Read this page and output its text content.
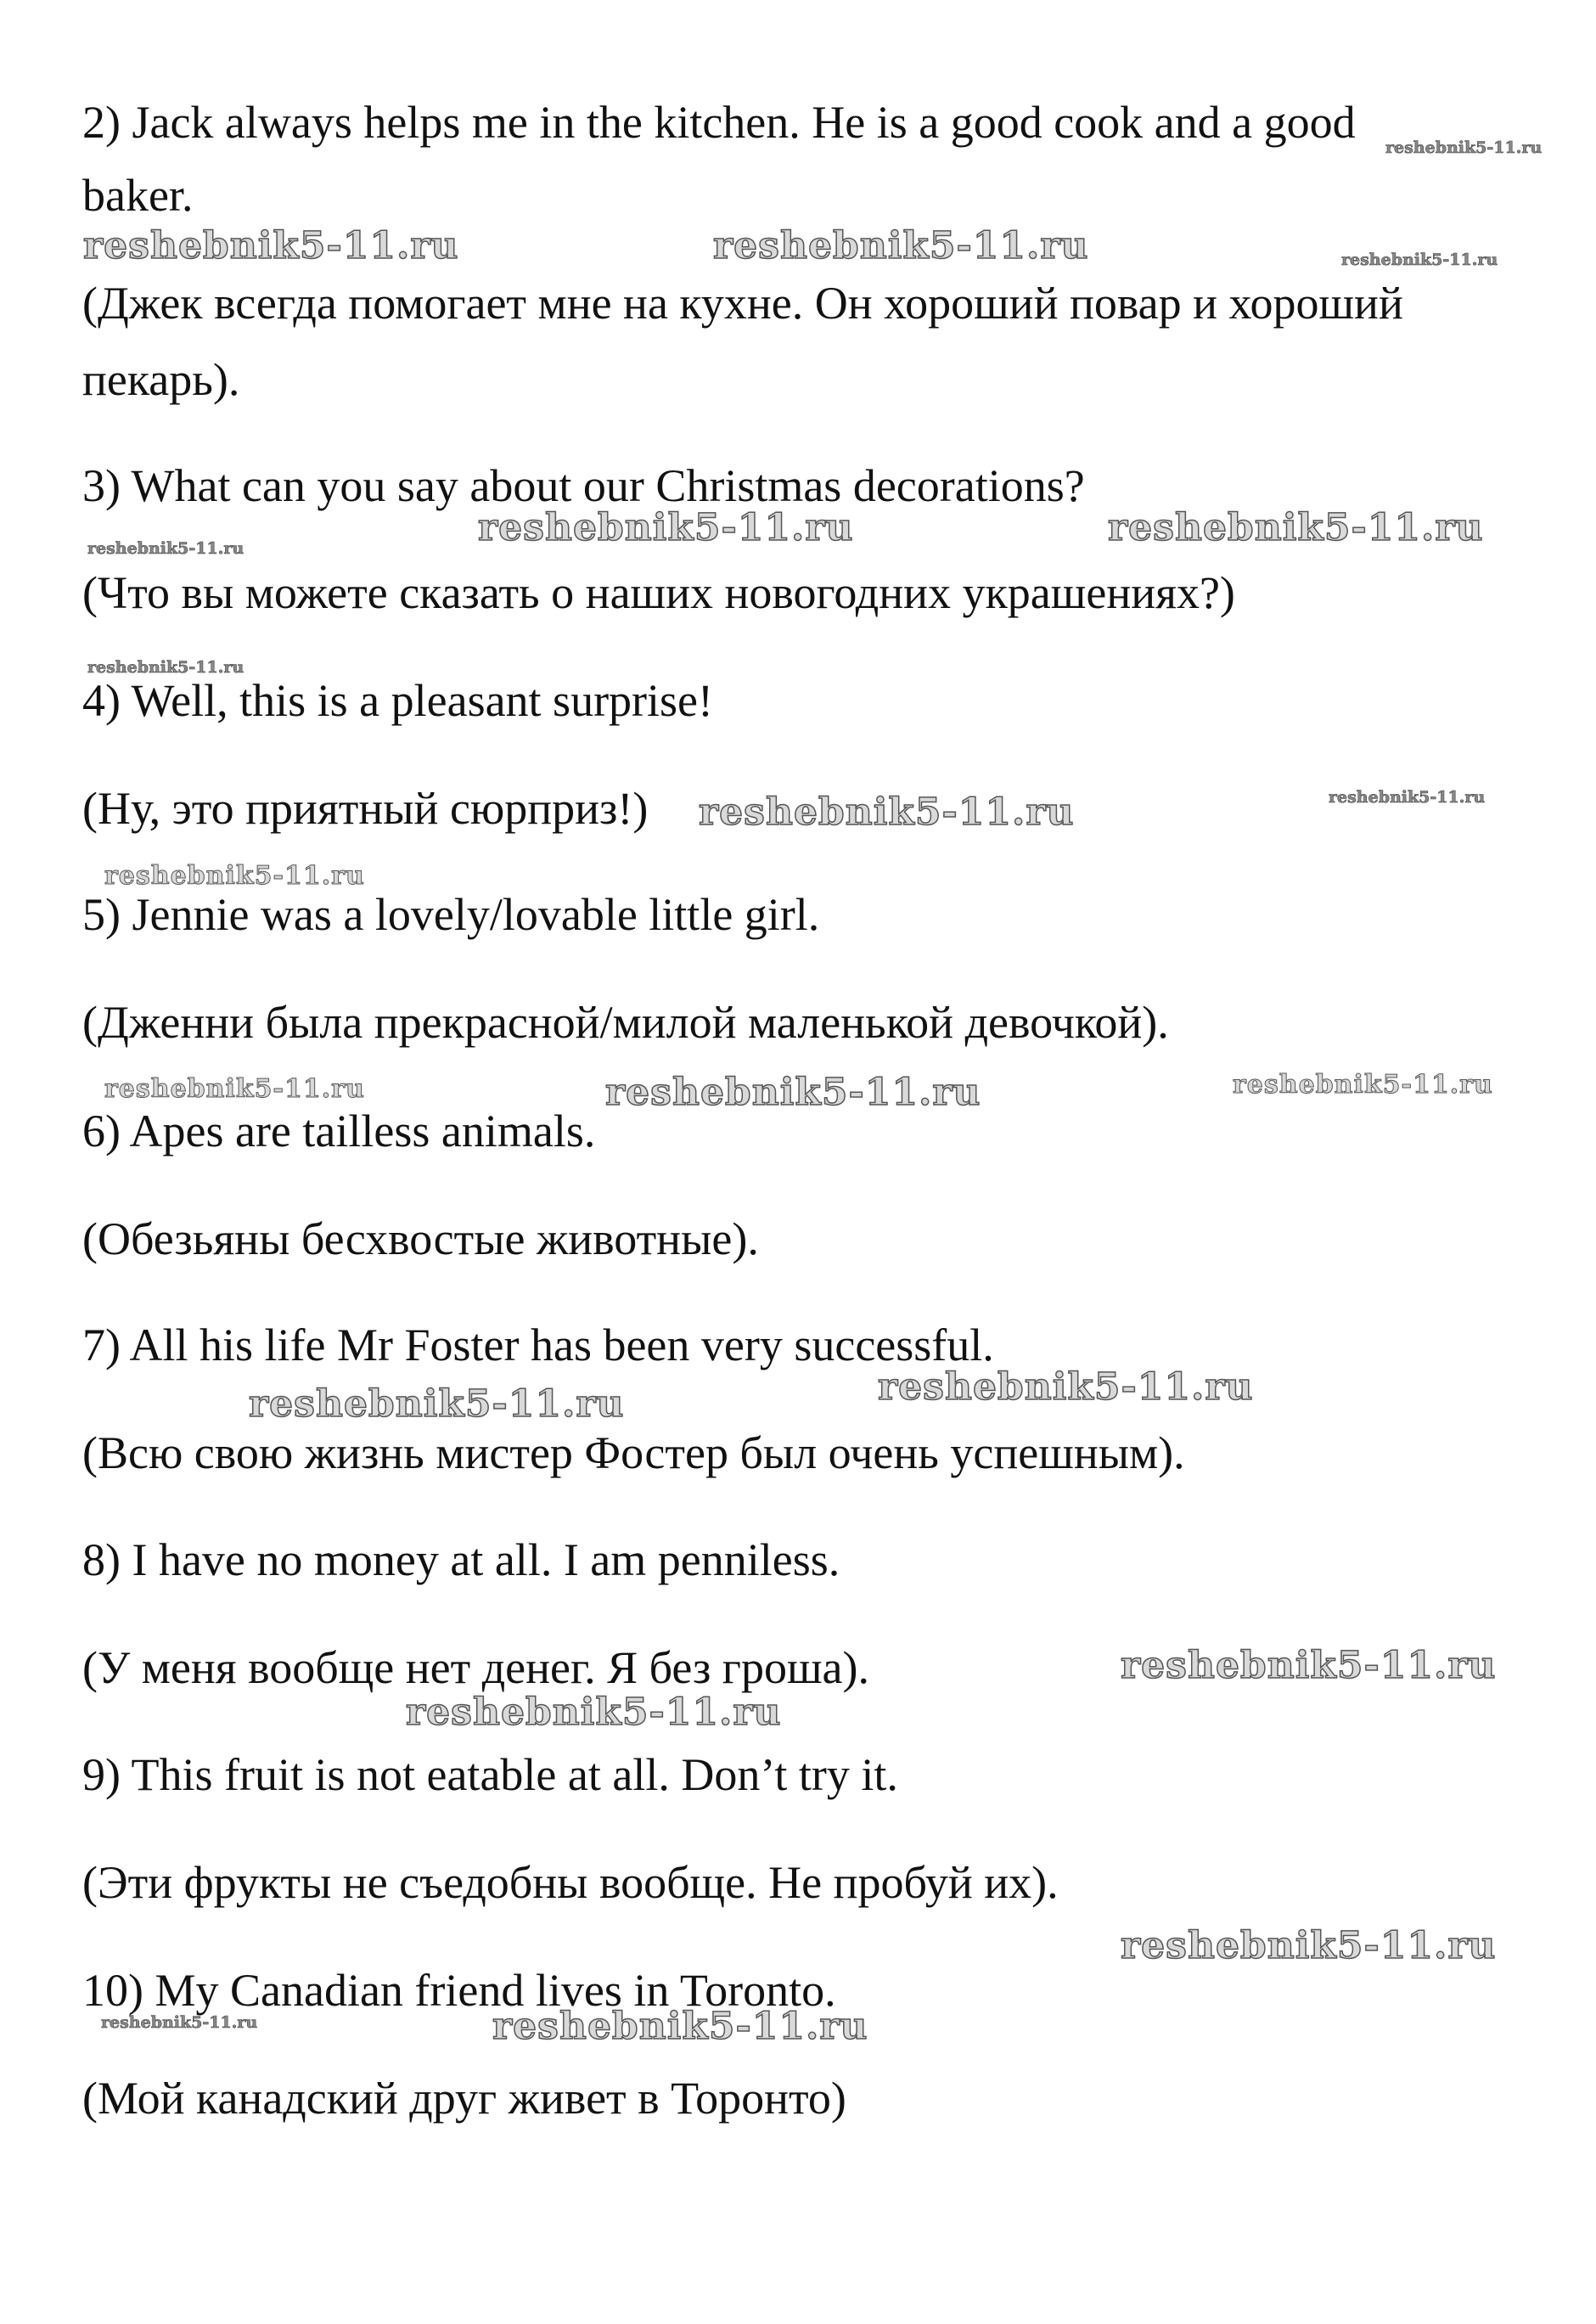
2) Jack always helps me in the kitchen. He is a good cook and a good
baker.
(Джек всегда помогает мне на кухне. Он хороший повар и хороший
пекарь).
3) What can you say about our Christmas decorations?
(Что вы можете сказать о наших новогодних украшениях?)
4) Well, this is a pleasant surprise!
(Ну, это приятный сюрприз!)
5) Jennie was a lovely/lovable little girl.
(Дженни была прекрасной/милой маленькой девочкой).
6) Apes are tailless animals.
(Обезьяны бесхвостые животные).
7) All his life Mr Foster has been very successful.
(Всю свою жизнь мистер Фостер был очень успешным).
8) I have no money at all. I am penniless.
(У меня вообще нет денег. Я без гроша).
9) This fruit is not eatable at all. Don’t try it.
(Эти фрукты не съедобны вообще. Не пробуй их).
10) My Canadian friend lives in Toronto.
(Мой канадский друг живет в Торонто)
reshebnik5-11.ru
reshebnik5-11.ru	reshebnik5-11.ru	reshebnik5-11.ru
reshebnik5-11.ru	reshebnik5-11.ru	reshebnik5-11.ru
reshebnik5-11.ru
reshebnik5-11.ru	reshebnik5-11.ru
reshebnik5-11.ru
reshebnik5-11.ru	reshebnik5-11.ru	reshebnik5-11.ru
reshebnik5-11.ru	reshebnik5-11.ru
reshebnik5-11.ru
reshebnik5-11.ru
reshebnik5-11.ru
reshebnik5-11.ru	reshebnik5-11.ru
